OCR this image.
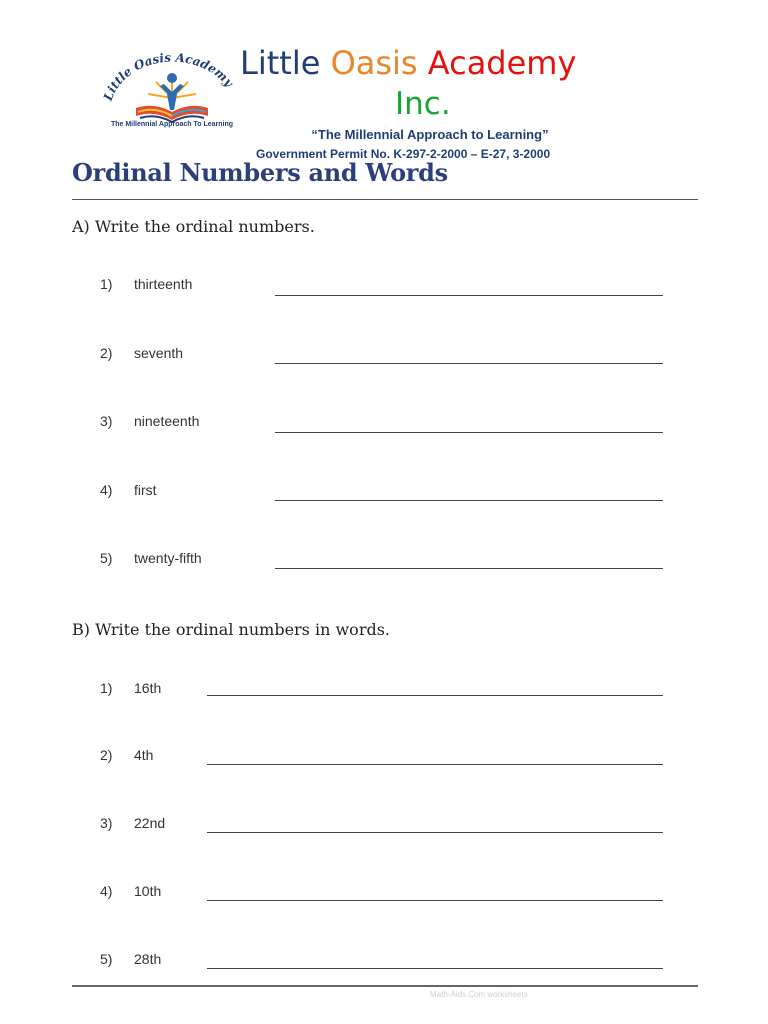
Little Oasis Academy
The Millennial Approach To Learning
Little Oasis Academy
Inc.
“The Millennial Approach to Learning”
Government Permit No. K-297-2-2000 – E-27, 3-2000
Ordinal Numbers and Words
A) Write the ordinal numbers.
1) thirteenth
2) seventh
3) nineteenth
4) first
5) twenty-fifth
B) Write the ordinal numbers in words.
1) 16th
2) 4th
3) 22nd
4) 10th
5) 28th
Math-Aids.Com worksheets
